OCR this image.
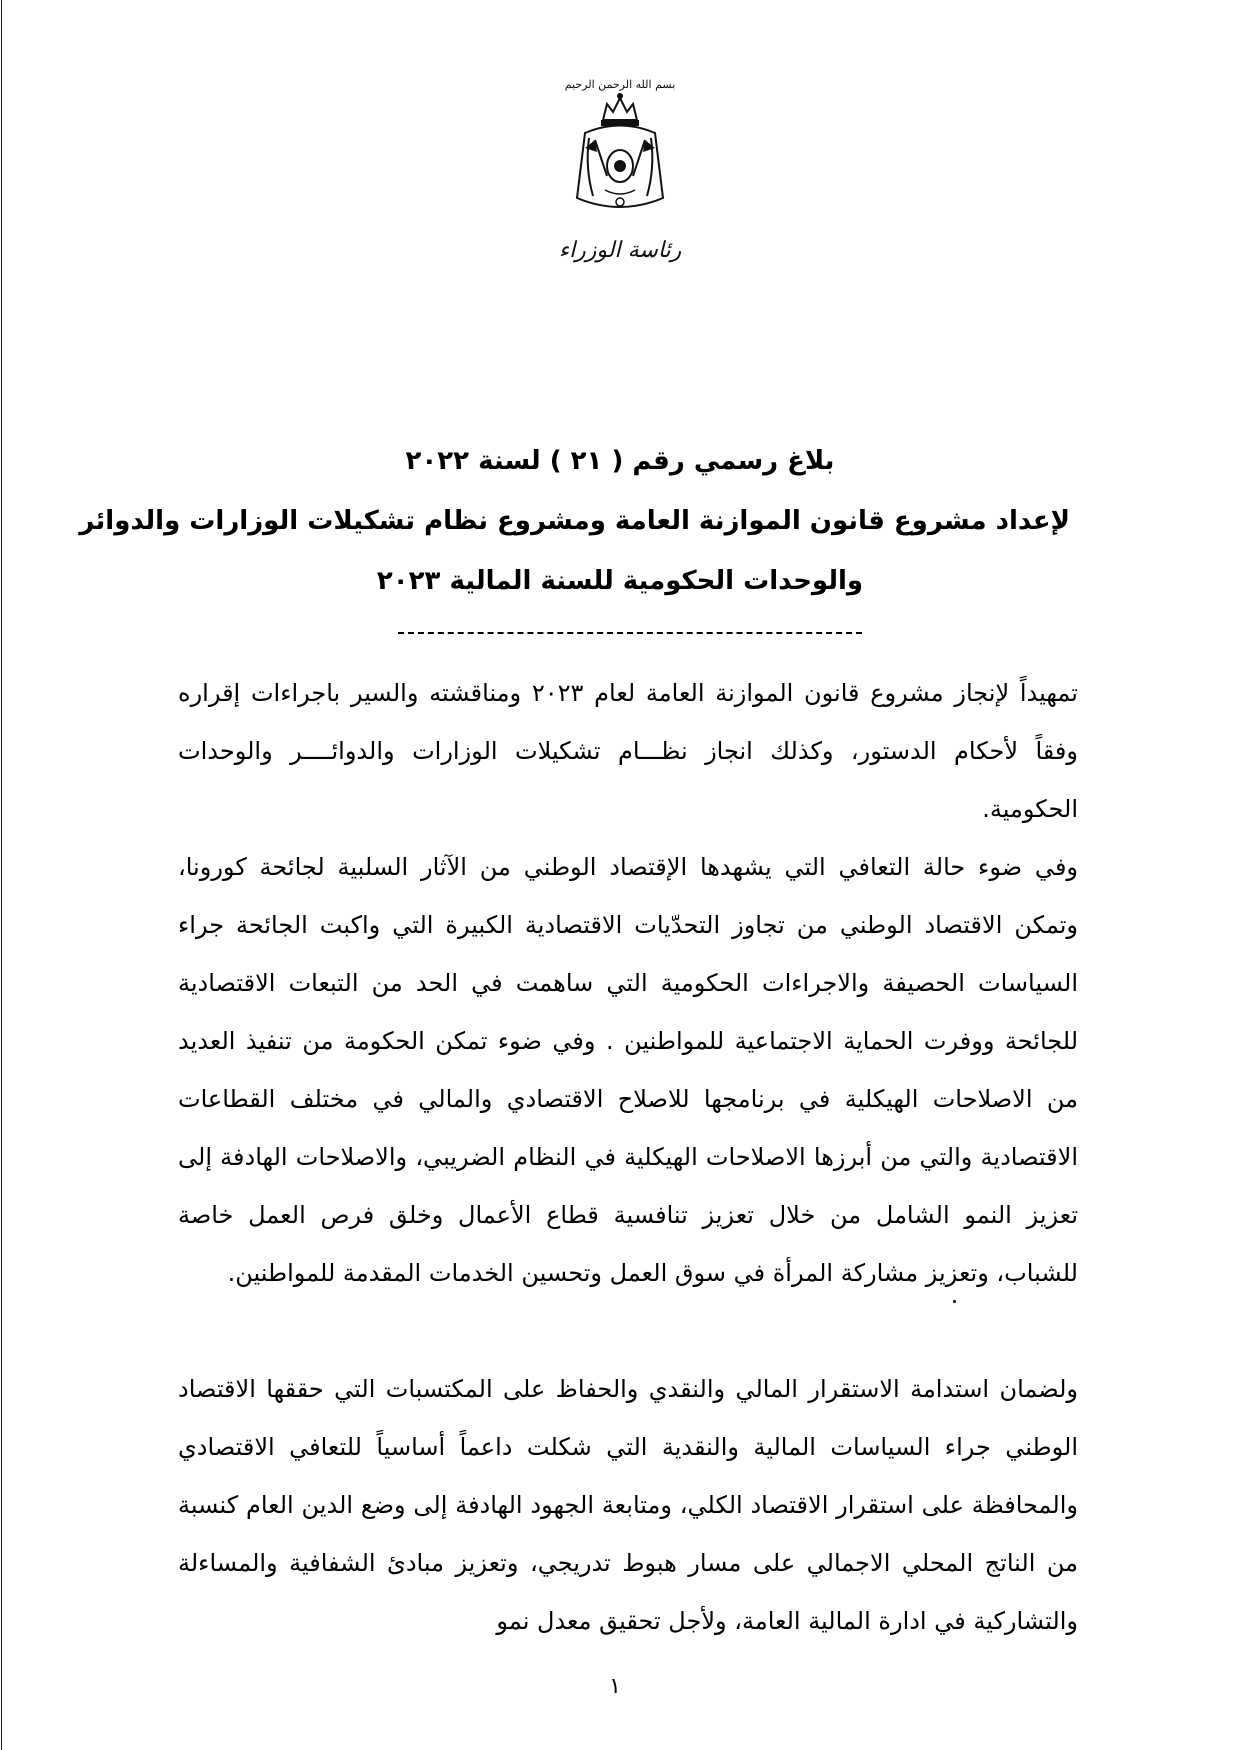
بسم الله الرحمن الرحيم
رئاسة الوزراء
بلاغ رسمي رقم ( ٢١ ) لسنة ٢٠٢٢
لإعداد مشروع قانون الموازنة العامة ومشروع نظام تشكيلات الوزارات والدوائر
والوحدات الحكومية للسنة المالية ٢٠٢٣

تمهيداً لإنجاز مشروع قانون الموازنة العامة لعام ٢٠٢٣ ومناقشته والسير باجراءات إقراره وفقاً لأحكام الدستور، وكذلك انجاز نظـــام تشكيلات الوزارات والدوائــــر والوحدات الحكومية.

وفي ضوء حالة التعافي التي يشهدها الإقتصاد الوطني من الآثار السلبية لجائحة كورونا، وتمكن الاقتصاد الوطني من تجاوز التحدّيات الاقتصادية الكبيرة التي واكبت الجائحة جراء السياسات الحصيفة والاجراءات الحكومية التي ساهمت في الحد من التبعات الاقتصادية للجائحة ووفرت الحماية الاجتماعية للمواطنين . وفي ضوء تمكن الحكومة من تنفيذ العديد من الاصلاحات الهيكلية في برنامجها للاصلاح الاقتصادي والمالي في مختلف القطاعات الاقتصادية والتي من أبرزها الاصلاحات الهيكلية في النظام الضريبي، والاصلاحات الهادفة إلى تعزيز النمو الشامل من خلال تعزيز تنافسية قطاع الأعمال وخلق فرص العمل خاصة للشباب، وتعزيز مشاركة المرأة في سوق العمل وتحسين الخدمات المقدمة للمواطنين.

ولضمان استدامة الاستقرار المالي والنقدي والحفاظ على المكتسبات التي حققها الاقتصاد الوطني جراء السياسات المالية والنقدية التي شكلت داعماً أساسياً للتعافي الاقتصادي والمحافظة على استقرار الاقتصاد الكلي، ومتابعة الجهود الهادفة إلى وضع الدين العام كنسبة من الناتج المحلي الاجمالي على مسار هبوط تدريجي، وتعزيز مبادئ الشفافية والمساءلة والتشاركية في ادارة المالية العامة، ولأجل تحقيق معدل نمو

١
